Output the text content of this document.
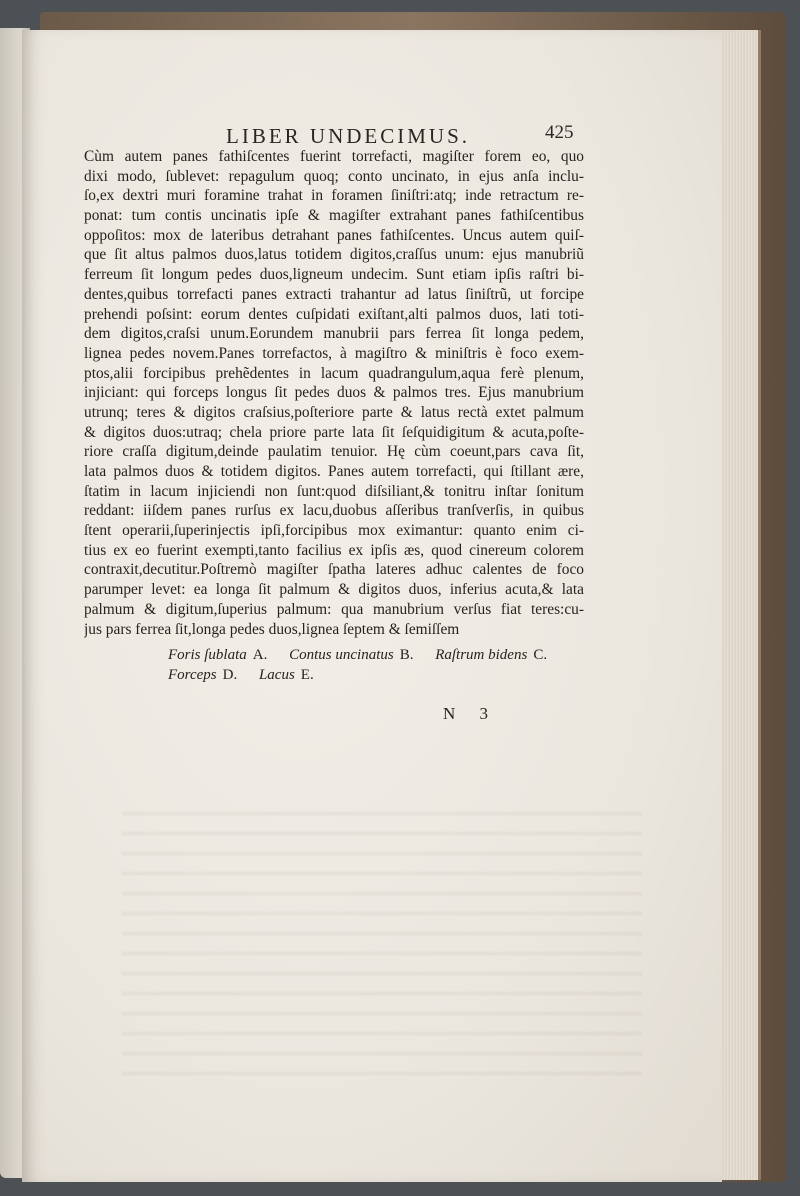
LIBER UNDECIMUS.	425
Cùm autem panes fathiſcentes fuerint torrefacti, magiſter forem eo, quo
dixi modo, ſublevet: repagulum quoq; conto uncinato, in ejus anſa inclu-
ſo,ex dextri muri foramine trahat in foramen ſiniſtri:atq; inde retractum re-
ponat: tum contis uncinatis ipſe & magiſter extrahant panes fathiſcentibus
oppoſitos: mox de lateribus detrahant panes fathiſcentes. Uncus autem quiſ-
que ſit altus palmos duos,latus totidem digitos,craſſus unum: ejus manubriũ
ferreum ſit longum pedes duos,ligneum undecim. Sunt etiam ipſis raſtri bi-
dentes,quibus torrefacti panes extracti trahantur ad latus ſiniſtrũ, ut forcipe
prehendi poſsint: eorum dentes cuſpidati exiſtant,alti palmos duos, lati toti-
dem digitos,craſsi unum.Eorundem manubrii pars ferrea ſit longa pedem,
lignea pedes novem.Panes torrefactos, à magiſtro & miniſtris è foco exem-
ptos,alii forcipibus prehẽdentes in lacum quadrangulum,aqua ferè plenum,
injiciant: qui forceps longus ſit pedes duos & palmos tres. Ejus manubrium
utrunq; teres & digitos craſsius,poſteriore parte & latus rectà extet palmum
& digitos duos:utraq; chela priore parte lata ſit ſeſquidigitum & acuta,poſte-
riore craſſa digitum,deinde paulatim tenuior. Hę cùm coeunt,pars cava ſit,
lata palmos duos & totidem digitos. Panes autem torrefacti, qui ſtillant ære,
ſtatim in lacum injiciendi non ſunt:quod diſsiliant,& tonitru inſtar ſonitum
reddant: iiſdem panes rurſus ex lacu,duobus aſſeribus tranſverſis, in quibus
ſtent operarii,ſuperinjectis ipſi,forcipibus mox eximantur: quanto enim ci-
tius ex eo fuerint exempti,tanto facilius ex ipſis æs, quod cinereum colorem
contraxit,decutitur.Poſtremò magiſter ſpatha lateres adhuc calentes de foco
parumper levet: ea longa ſit palmum & digitos duos, inferius acuta,& lata
palmum & digitum,ſuperius palmum: qua manubrium verſus fiat teres:cu-
jus pars ferrea ſit,longa pedes duos,lignea ſeptem & ſemiſſem
Foris ſublata A. Contus uncinatus B. Raſtrum bidens C.
Forceps D. Lacus E.
N 3
